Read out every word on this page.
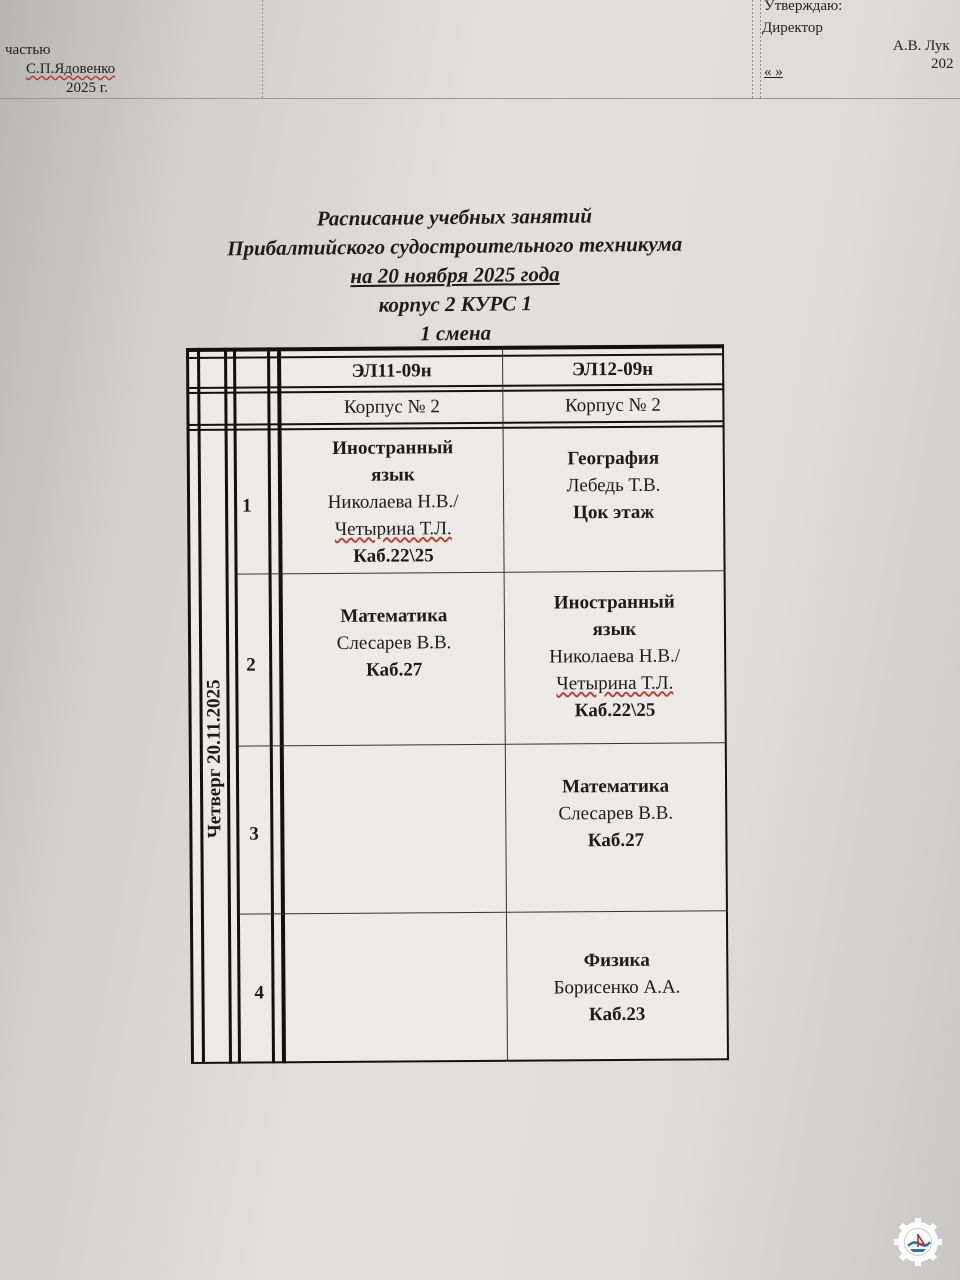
частью
С.П.Ядовенко
2025 г.
Утверждаю:
Директор
А.В. Лук
202
« »
Расписание учебных занятий
Прибалтийского судостроительного техникума
на 20 ноября 2025 года
корпус 2 КУРС 1
1 смена
ЭЛ11-09н	ЭЛ12-09н
Корпус № 2	Корпус № 2
Четверг 20.11.2025
1
2
3
4
Иностранный
язык
Николаева Н.В./
Четырина Т.Л.
Каб.22\25
Математика
Слесарев В.В.
Каб.27
География
Лебедь Т.В.
Цок этаж
Иностранный
язык
Николаева Н.В./
Четырина Т.Л.
Каб.22\25
Математика
Слесарев В.В.
Каб.27
Физика
Борисенко А.А.
Каб.23
